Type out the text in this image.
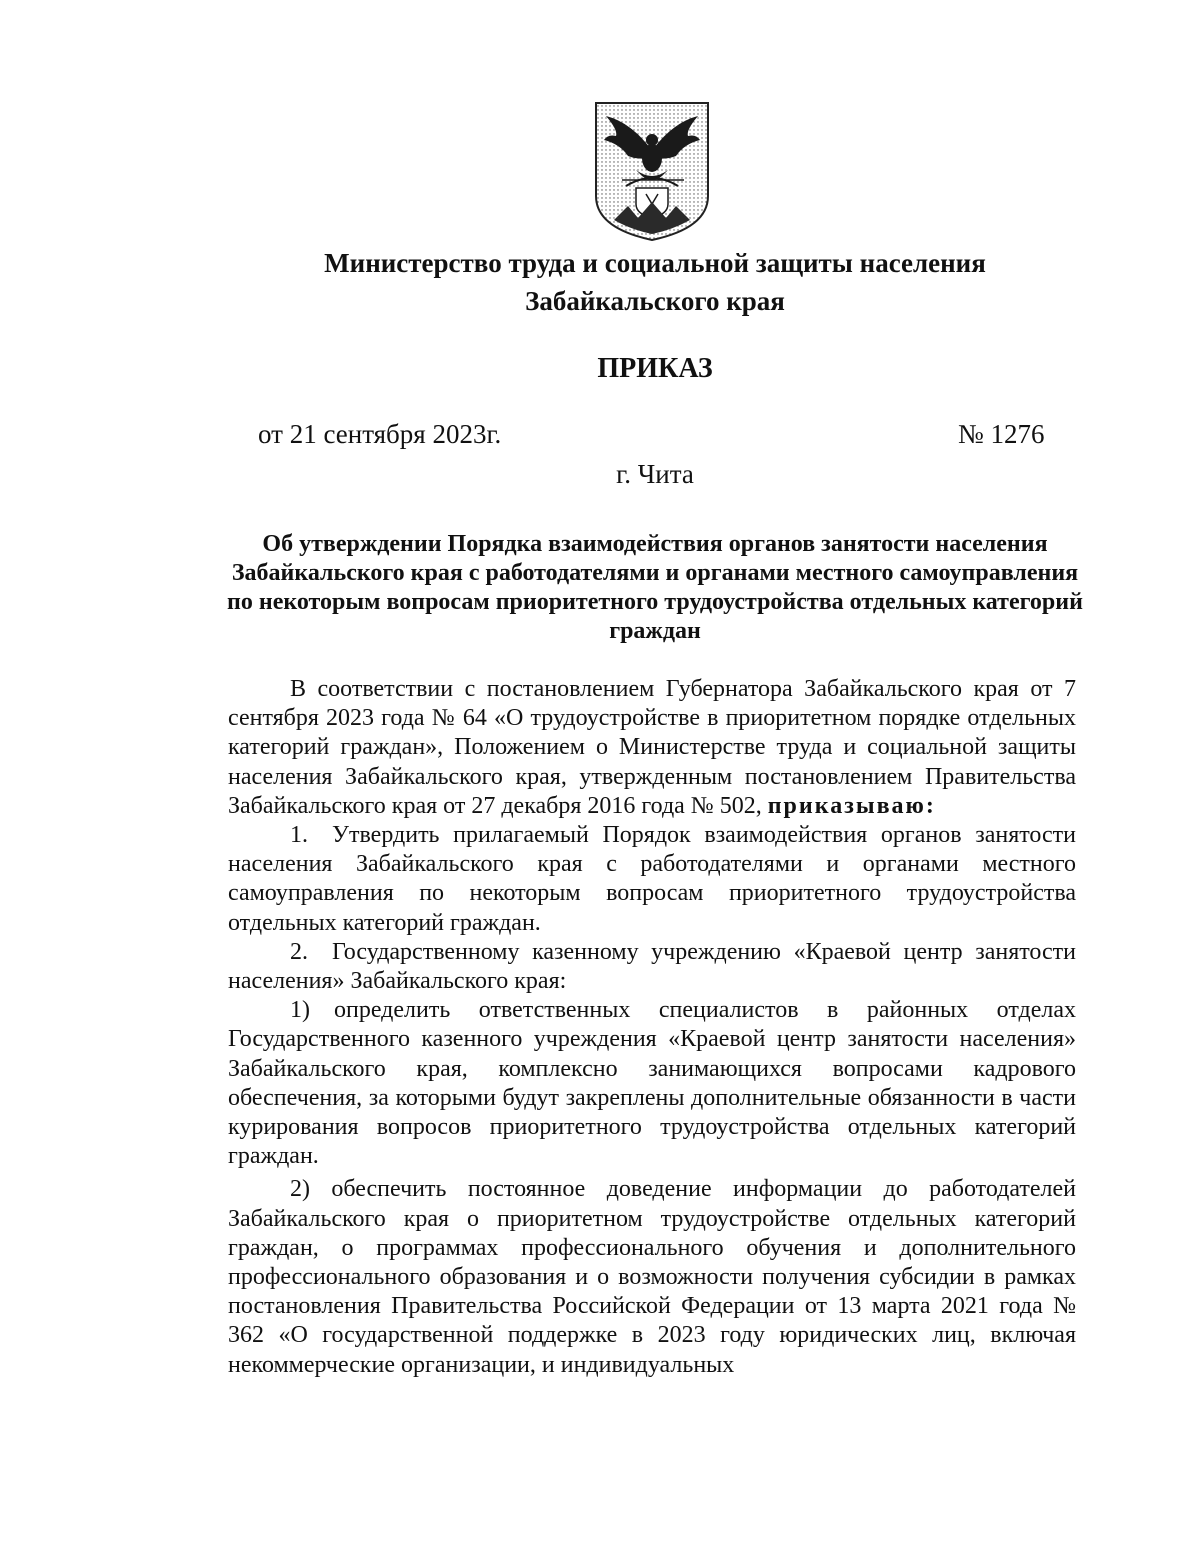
Министерство труда и социальной защиты населения
Забайкальского края
ПРИКАЗ
от 21 сентября 2023г.	№ 1276
г. Чита
Об утверждении Порядка взаимодействия органов занятости населения Забайкальского края с работодателями и органами местного самоуправления по некоторым вопросам приоритетного трудоустройства отдельных категорий граждан

В соответствии с постановлением Губернатора Забайкальского края от 7 сентября 2023 года № 64 «О трудоустройстве в приоритетном порядке отдельных категорий граждан», Положением о Министерстве труда и социальной защиты населения Забайкальского края, утвержденным постановлением Правительства Забайкальского края от 27 декабря 2016 года № 502, приказываю:

1. Утвердить прилагаемый Порядок взаимодействия органов занятости населения Забайкальского края с работодателями и органами местного самоуправления по некоторым вопросам приоритетного трудоустройства отдельных категорий граждан.

2. Государственному казенному учреждению «Краевой центр занятости населения» Забайкальского края:

1) определить ответственных специалистов в районных отделах Государственного казенного учреждения «Краевой центр занятости населения» Забайкальского края, комплексно занимающихся вопросами кадрового обеспечения, за которыми будут закреплены дополнительные обязанности в части курирования вопросов приоритетного трудоустройства отдельных категорий граждан.

2) обеспечить постоянное доведение информации до работодателей Забайкальского края о приоритетном трудоустройстве отдельных категорий граждан, о программах профессионального обучения и дополнительного профессионального образования и о возможности получения субсидии в рамках постановления Правительства Российской Федерации от 13 марта 2021 года № 362 «О государственной поддержке в 2023 году юридических лиц, включая некоммерческие организации, и индивидуальных
